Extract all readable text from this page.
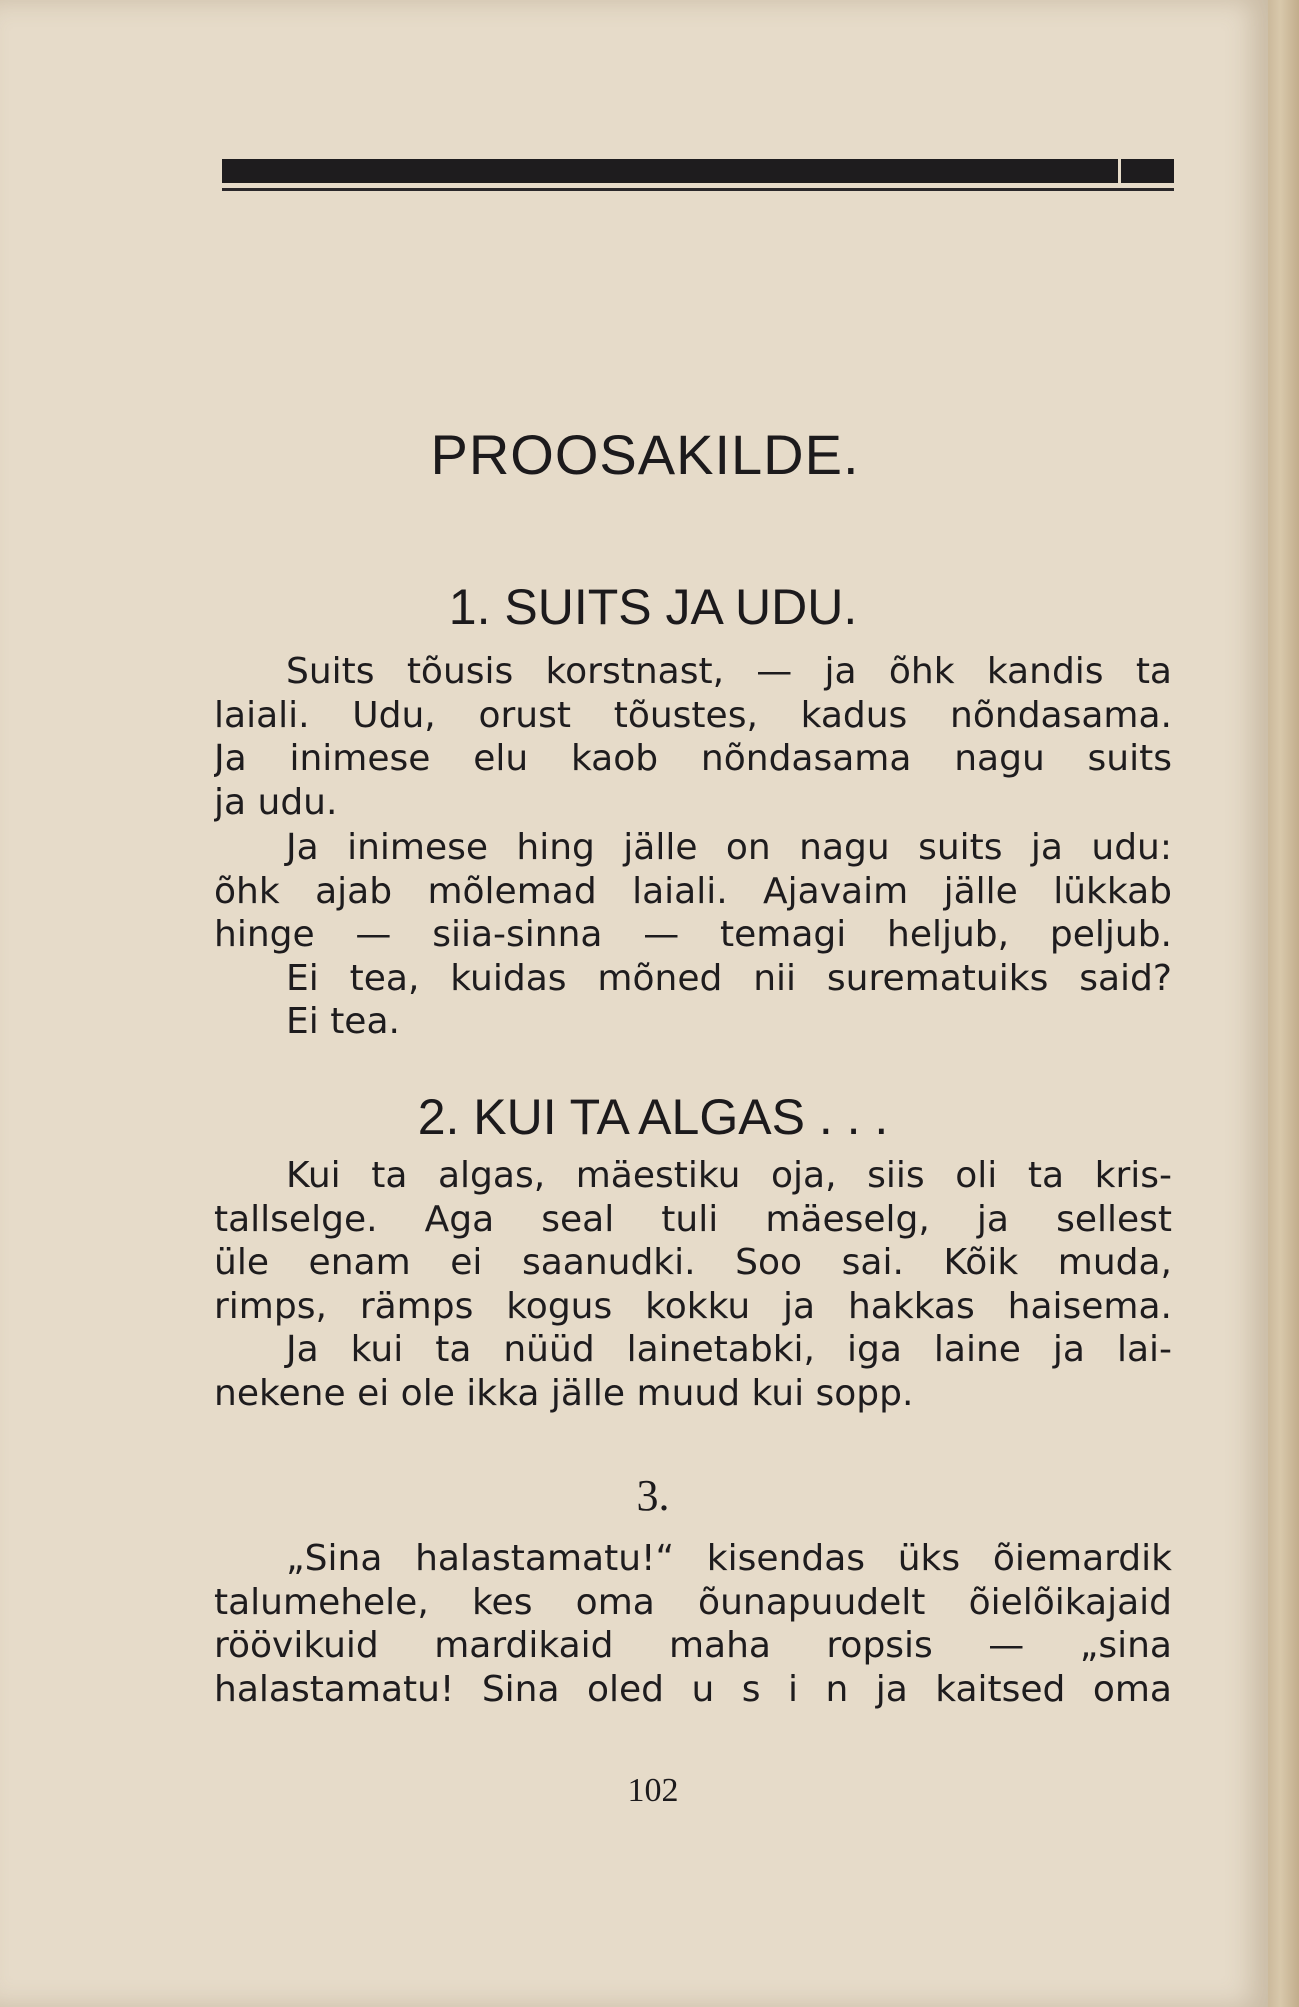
PROOSAKILDE.
1. SUITS JA UDU.
Suits tõusis korstnast, — ja õhk kandis ta
laiali. Udu, orust tõustes, kadus nõndasama.
Ja inimese elu kaob nõndasama nagu suits
ja udu.
Ja inimese hing jälle on nagu suits ja udu:
õhk ajab mõlemad laiali. Ajavaim jälle lükkab
hinge — siia-sinna — temagi heljub, peljub.
Ei tea, kuidas mõned nii surematuiks said?
Ei tea.
2. KUI TA ALGAS . . .
Kui ta algas, mäestiku oja, siis oli ta kris-
tallselge. Aga seal tuli mäeselg, ja sellest
üle enam ei saanudki. Soo sai. Kõik muda,
rimps, rämps kogus kokku ja hakkas haisema.
Ja kui ta nüüd lainetabki, iga laine ja lai-
nekene ei ole ikka jälle muud kui sopp.
3.
„Sina halastamatu!“ kisendas üks õiemardik
talumehele, kes oma õunapuudelt õielõikajaid
röövikuid mardikaid maha ropsis — „sina
halastamatu! Sina oled u s i n ja kaitsed oma
102
